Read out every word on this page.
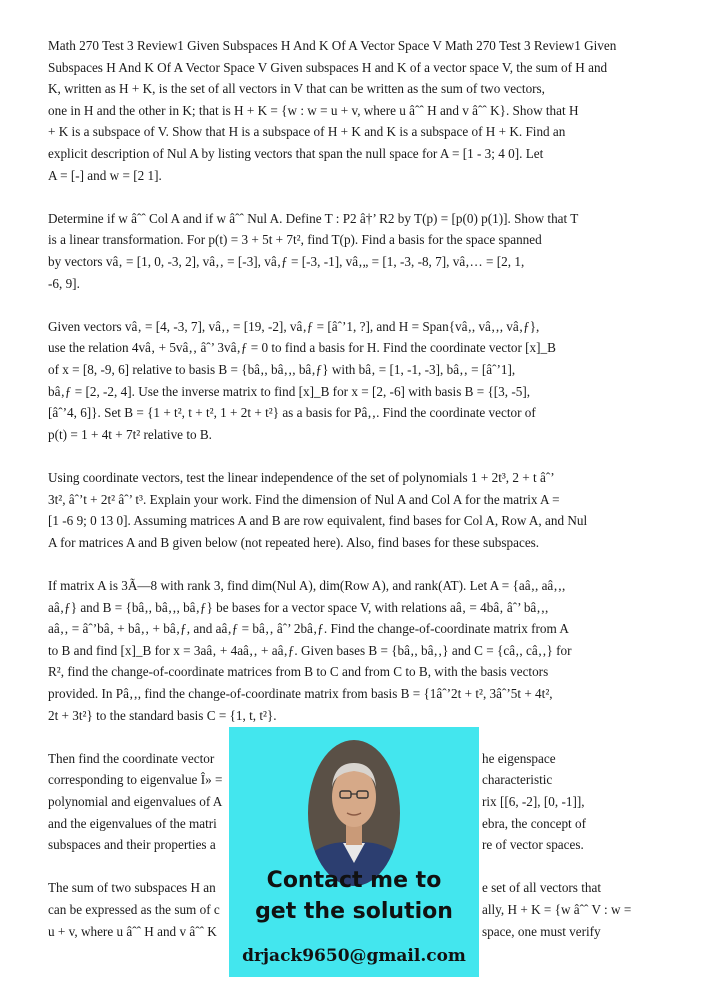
Math 270 Test 3 Review1 Given Subspaces H And K Of A Vector Space V Math 270 Test 3 Review1 Given
Subspaces H And K Of A Vector Space V Given subspaces H and K of a vector space V, the sum of H and
K, written as H + K, is the set of all vectors in V that can be written as the sum of two vectors,
one in H and the other in K; that is H + K = {w : w = u + v, where u âˆˆ H and v âˆˆ K}. Show that H
+ K is a subspace of V. Show that H is a subspace of H + K and K is a subspace of H + K. Find an
explicit description of Nul A by listing vectors that span the null space for A = [1 - 3; 4 0]. Let
A = [-] and w = [2 1].
Determine if w âˆˆ Col A and if w âˆˆ Nul A. Define T : P2 â†’ R2 by T(p) = [p(0) p(1)]. Show that T
is a linear transformation. For p(t) = 3 + 5t + 7t², find T(p). Find a basis for the space spanned
by vectors vâ‚ = [1, 0, -3, 2], vâ‚‚ = [-3], vâ‚ƒ = [-3, -1], vâ‚„ = [1, -3, -8, 7], vâ‚… = [2, 1,
-6, 9].
Given vectors vâ‚ = [4, -3, 7], vâ‚‚ = [19, -2], vâ‚ƒ = [âˆ’1, ?], and H = Span{vâ‚, vâ‚‚, vâ‚ƒ},
use the relation 4vâ‚ + 5vâ‚‚ âˆ’ 3vâ‚ƒ = 0 to find a basis for H. Find the coordinate vector [x]_B
of x = [8, -9, 6] relative to basis B = {bâ‚, bâ‚‚, bâ‚ƒ} with bâ‚ = [1, -1, -3], bâ‚‚ = [âˆ’1],
bâ‚ƒ = [2, -2, 4]. Use the inverse matrix to find [x]_B for x = [2, -6] with basis B = {[3, -5],
[âˆ’4, 6]}. Set B = {1 + t², t + t², 1 + 2t + t²} as a basis for Pâ‚‚. Find the coordinate vector of
p(t) = 1 + 4t + 7t² relative to B.
Using coordinate vectors, test the linear independence of the set of polynomials 1 + 2t³, 2 + t âˆ’
3t², âˆ’t + 2t² âˆ’ t³. Explain your work. Find the dimension of Nul A and Col A for the matrix A =
[1 -6 9; 0 13 0]. Assuming matrices A and B are row equivalent, find bases for Col A, Row A, and Nul
A for matrices A and B given below (not repeated here). Also, find bases for these subspaces.
If matrix A is 3Ã—8 with rank 3, find dim(Nul A), dim(Row A), and rank(AT). Let A = {aâ‚, aâ‚‚,
aâ‚ƒ} and B = {bâ‚, bâ‚‚, bâ‚ƒ} be bases for a vector space V, with relations aâ‚ = 4bâ‚ âˆ’ bâ‚‚,
aâ‚‚ = âˆ’bâ‚ + bâ‚‚ + bâ‚ƒ, and aâ‚ƒ = bâ‚‚ âˆ’ 2bâ‚ƒ. Find the change-of-coordinate matrix from A
to B and find [x]_B for x = 3aâ‚ + 4aâ‚‚ + aâ‚ƒ. Given bases B = {bâ‚, bâ‚‚} and C = {câ‚, câ‚‚} for
R², find the change-of-coordinate matrices from B to C and from C to B, with the basis vectors
provided. In Pâ‚‚, find the change-of-coordinate matrix from basis B = {1âˆ’2t + t², 3âˆ’5t + 4t²,
2t + 3t²} to the standard basis C = {1, t, t²}.
Then find the coordinate vector
corresponding to eigenvalue Î» =
polynomial and eigenvalues of A
and the eigenvalues of the matri
subspaces and their properties a
The sum of two subspaces H an
can be expressed as the sum of c
u + v, where u âˆˆ H and v âˆˆ K
he eigenspace
characteristic
rix [[6, -2], [0, -1]],
ebra, the concept of
re of vector spaces.
e set of all vectors that
ally, H + K = {w âˆˆ V : w =
space, one must verify
Contact me to
get the solution
drjack9650@gmail.com
